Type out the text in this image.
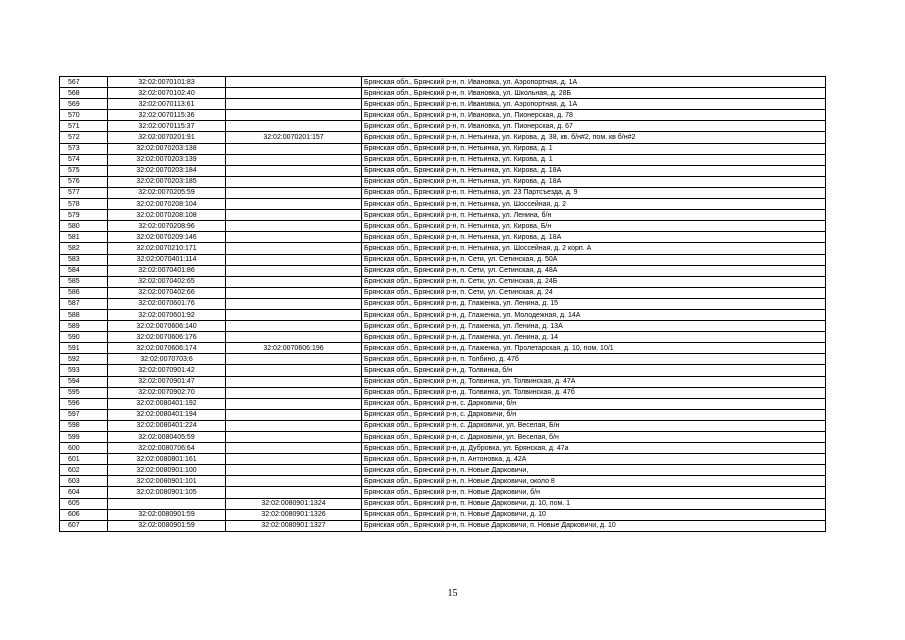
567	32:02:0070101:83		Брянская обл., Брянский р-н, п. Ивановка, ул. Аэропортная, д. 1А
568	32:02:0070102:40		Брянская обл., Брянский р-н, п. Ивановка, ул. Школьная, д. 28Б
569	32:02:0070113:61		Брянская обл., Брянский р-н, п. Ивановка, ул. Аэропортная, д. 1А
570	32:02:0070115:36		Брянская обл., Брянский р-н, п. Ивановка, ул. Пионерская, д. 78
571	32:02:0070115:37		Брянская обл., Брянский р-н, п. Ивановка, ул. Пионерская, д. 67
572	32:02:0070201:91	32:02:0070201:157	Брянская обл., Брянский р-н, п. Нетьинка, ул. Кирова, д. 38, кв. б/н#2, пом. кв б/н#2
573	32:02:0070203:138		Брянская обл., Брянский р-н, п. Нетьинка, ул. Кирова, д. 1
574	32:02:0070203:139		Брянская обл., Брянский р-н, п. Нетьинка, ул. Кирова, д. 1
575	32:02:0070203:184		Брянская обл., Брянский р-н, п. Нетьинка, ул. Кирова, д. 18А
576	32:02:0070203:185		Брянская обл., Брянский р-н, п. Нетьинка, ул. Кирова, д. 18А
577	32:02:0070205:59		Брянская обл., Брянский р-н, п. Нетьинка, ул. 23 Партсъезда, д. 9
578	32:02:0070208:104		Брянская обл., Брянский р-н, п. Нетьинка, ул. Шоссейная, д. 2
579	32:02:0070208:108		Брянская обл., Брянский р-н, п. Нетьинка, ул. Ленина, б/н
580	32:02:0070208:96		Брянская обл., Брянский р-н, п. Нетьинка, ул. Кирова, Б/н
581	32:02:0070209:146		Брянская обл., Брянский р-н, п. Нетьинка, ул. Кирова, д. 18А
582	32:02:0070210:171		Брянская обл., Брянский р-н, п. Нетьинка, ул. Шоссейная, д. 2 корп. А
583	32:02:0070401:114		Брянская обл., Брянский р-н, п. Сети, ул. Сетинская, д. 50А
584	32:02:0070401:86		Брянская обл., Брянский р-н, п. Сети, ул. Сетинская, д. 48А
585	32:02:0070402:65		Брянская обл., Брянский р-н, п. Сети, ул. Сетинская, д. 24Б
586	32:02:0070402:66		Брянская обл., Брянский р-н, п. Сети, ул. Сетинская, д. 24
587	32:02:0070601:76		Брянская обл., Брянский р-н, д. Глаженка, ул. Ленина, д. 15
588	32:02:0070601:92		Брянская обл., Брянский р-н, д. Глаженка, ул. Молодежная, д. 14А
589	32:02:0070606:140		Брянская обл., Брянский р-н, д. Глаженка, ул. Ленина, д. 13А
590	32:02:0070606:176		Брянская обл., Брянский р-н, д. Глаженка, ул. Ленина, д. 14
591	32:02:0070606:174	32:02:0070606:196	Брянская обл., Брянский р-н, д. Глаженка, ул. Пролетарская, д. 10, пом. 10/1
592	32:02:0070703:6		Брянская обл., Брянский р-н, п. Толбино, д. 47б
593	32:02:0070901:42		Брянская обл., Брянский р-н, д. Толвинка, б/н
594	32:02:0070901:47		Брянская обл., Брянский р-н, д. Толвинка, ул. Толвинская, д. 47А
595	32:02:0070902:70		Брянская обл., Брянский р-н, д. Толвинка, ул. Толвинская, д. 47б
596	32:02:0080401:192		Брянская обл., Брянский р-н, с. Дарковичи, б/н
597	32:02:0080401:194		Брянская обл., Брянский р-н, с. Дарковичи, б/н
598	32:02:0080401:224		Брянская обл., Брянский р-н, с. Дарковичи, ул. Веселая, Б/н
599	32:02:0080405:59		Брянская обл., Брянский р-н, с. Дарковичи, ул. Веселая, б/н
600	32:02:0080706:64		Брянская обл., Брянский р-н, д. Дубровка, ул. Брянская, д. 47а
601	32:02:0080801:161		Брянская обл., Брянский р-н, п. Антоновка, д. 42А
602	32:02:0080901:100		Брянская обл., Брянский р-н, п. Новые Дарковичи,
603	32:02:0080901:101		Брянская обл., Брянский р-н, п. Новые Дарковичи, около 8
604	32:02:0080901:105		Брянская обл., Брянский р-н, п. Новые Дарковичи, б/н
605		32:02:0080901:1324	Брянская обл., Брянский р-н, п. Новые Дарковичи, д. 10, пом. 1
606	32:02:0080901:59	32:02:0080901:1326	Брянская обл., Брянский р-н, п. Новые Дарковичи, д. 10
607	32:02:0080901:59	32:02:0080901:1327	Брянская обл., Брянский р-н, п. Новые Дарковичи, п. Новые Дарковичи, д. 10
15
